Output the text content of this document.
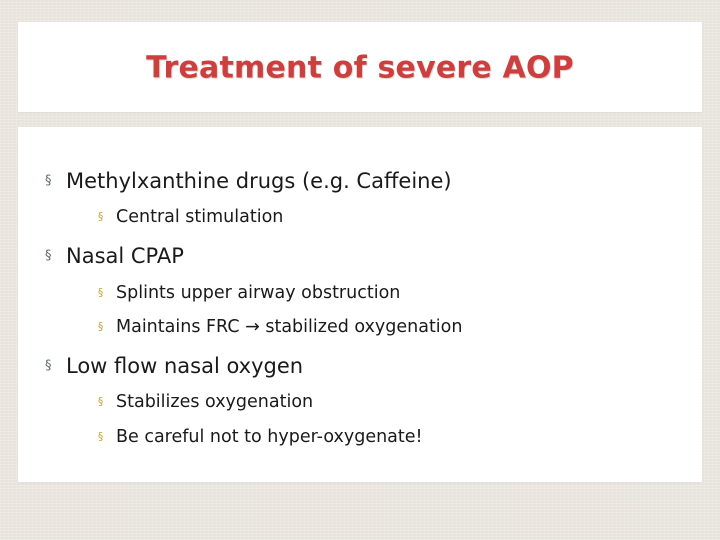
Treatment of severe AOP
§ Methylxanthine drugs (e.g. Caffeine)
§ Central stimulation
§ Nasal CPAP
§ Splints upper airway obstruction
§ Maintains FRC → stabilized oxygenation
§ Low flow nasal oxygen
§ Stabilizes oxygenation
§ Be careful not to hyper-oxygenate!
